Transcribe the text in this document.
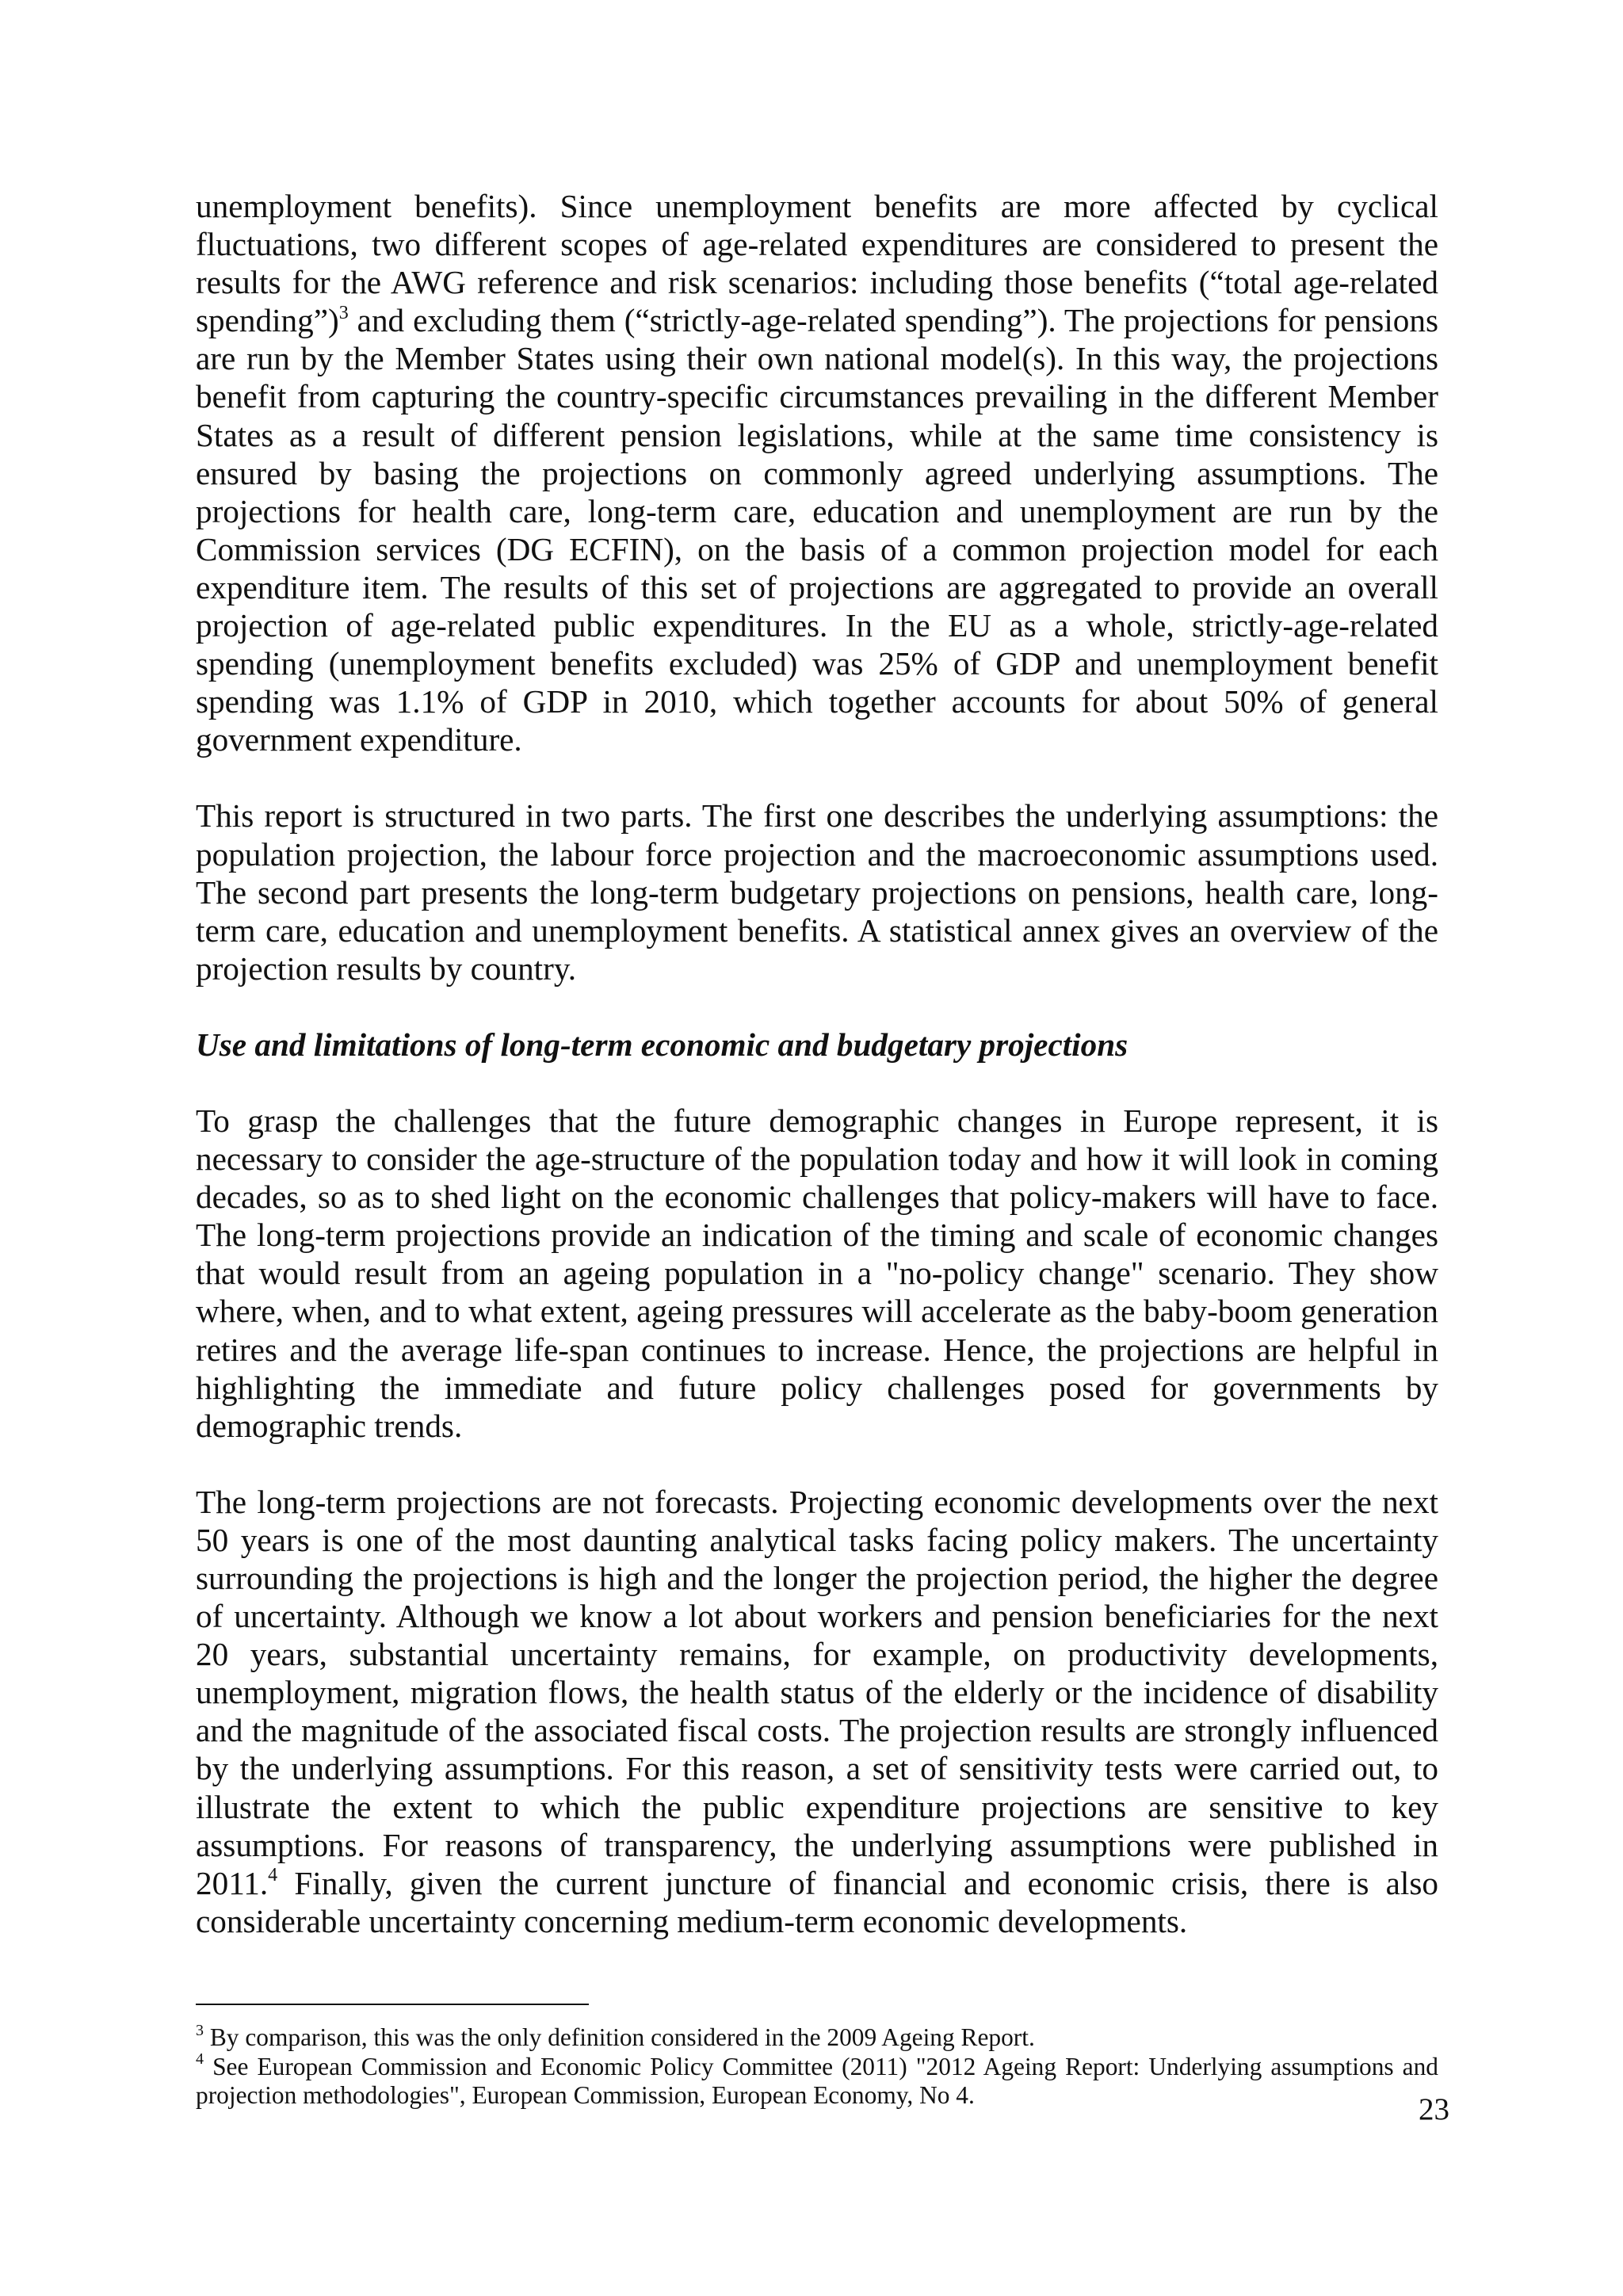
unemployment benefits). Since unemployment benefits are more affected by cyclical fluctuations, two different scopes of age-related expenditures are considered to present the results for the AWG reference and risk scenarios: including those benefits (“total age-related spending”)$^3$ and excluding them (“strictly-age-related spending”). The projections for pensions are run by the Member States using their own national model(s). In this way, the projections benefit from capturing the country-specific circumstances prevailing in the different Member States as a result of different pension legislations, while at the same time consistency is ensured by basing the projections on commonly agreed underlying assumptions. The projections for health care, long-term care, education and unemployment are run by the Commission services (DG ECFIN), on the basis of a common projection model for each expenditure item. The results of this set of projections are aggregated to provide an overall projection of age-related public expenditures. In the EU as a whole, strictly-age-related spending (unemployment benefits excluded) was 25% of GDP and unemployment benefit spending was 1.1% of GDP in 2010, which together accounts for about 50% of general government expenditure.

This report is structured in two parts. The first one describes the underlying assumptions: the population projection, the labour force projection and the macroeconomic assumptions used. The second part presents the long-term budgetary projections on pensions, health care, long-term care, education and unemployment benefits. A statistical annex gives an overview of the projection results by country.

Use and limitations of long-term economic and budgetary projections

To grasp the challenges that the future demographic changes in Europe represent, it is necessary to consider the age-structure of the population today and how it will look in coming decades, so as to shed light on the economic challenges that policy-makers will have to face. The long-term projections provide an indication of the timing and scale of economic changes that would result from an ageing population in a "no-policy change" scenario. They show where, when, and to what extent, ageing pressures will accelerate as the baby-boom generation retires and the average life-span continues to increase. Hence, the projections are helpful in highlighting the immediate and future policy challenges posed for governments by demographic trends.

The long-term projections are not forecasts. Projecting economic developments over the next 50 years is one of the most daunting analytical tasks facing policy makers. The uncertainty surrounding the projections is high and the longer the projection period, the higher the degree of uncertainty. Although we know a lot about workers and pension beneficiaries for the next 20 years, substantial uncertainty remains, for example, on productivity developments, unemployment, migration flows, the health status of the elderly or the incidence of disability and the magnitude of the associated fiscal costs. The projection results are strongly influenced by the underlying assumptions. For this reason, a set of sensitivity tests were carried out, to illustrate the extent to which the public expenditure projections are sensitive to key assumptions. For reasons of transparency, the underlying assumptions were published in 2011.$^4$ Finally, given the current juncture of financial and economic crisis, there is also considerable uncertainty concerning medium-term economic developments.

$^3$ By comparison, this was the only definition considered in the 2009 Ageing Report.

$^4$ See European Commission and Economic Policy Committee (2011) "2012 Ageing Report: Underlying assumptions and projection methodologies", European Commission, European Economy, No 4.	23
